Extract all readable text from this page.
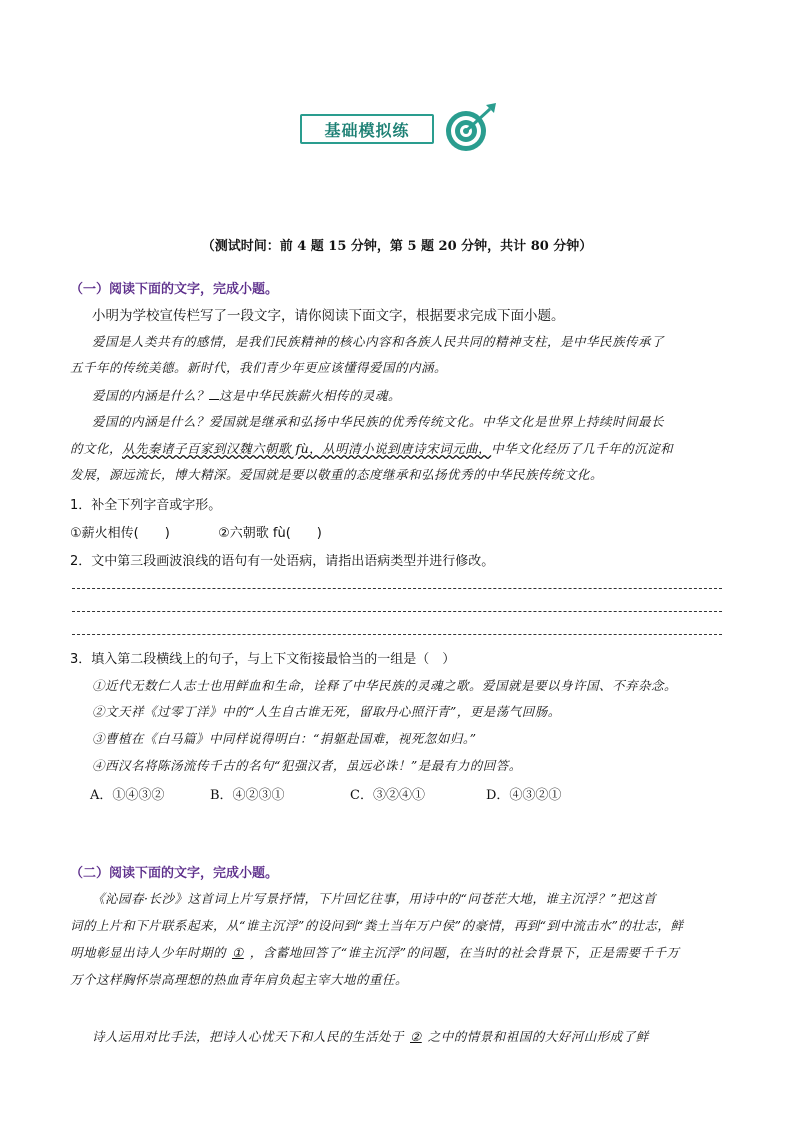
基础模拟练
（测试时间：前 4 题 15 分钟，第 5 题 20 分钟，共计 80 分钟）
（一）阅读下面的文字，完成小题。
小明为学校宣传栏写了一段文字，请你阅读下面文字，根据要求完成下面小题。
爱国是人类共有的感情，是我们民族精神的核心内容和各族人民共同的精神支柱，是中华民族传承了
五千年的传统美德。新时代，我们青少年更应该懂得爱国的内涵。
爱国的内涵是什么？ 这是中华民族薪火相传的灵魂。
爱国的内涵是什么？爱国就是继承和弘扬中华民族的优秀传统文化。中华文化是世界上持续时间最长
的文化，从先秦诸子百家到汉魏六朝歌 fù，从明清小说到唐诗宋词元曲，中华文化经历了几千年的沉淀和
发展，源远流长，博大精深。爱国就是要以敬重的态度继承和弘扬优秀的中华民族传统文化。
1．补全下列字音或字形。
①薪火相传(　　)	②六朝歌 fù(　　)
2．文中第三段画波浪线的语句有一处语病，请指出语病类型并进行修改。
3．填入第二段横线上的句子，与上下文衔接最恰当的一组是（　）
①近代无数仁人志士也用鲜血和生命，诠释了中华民族的灵魂之歌。爱国就是要以身许国、不弃杂念。
②文天祥《过零丁洋》中的“人生自古谁无死，留取丹心照汗青”，更是荡气回肠。
③曹植在《白马篇》中同样说得明白：“捐躯赴国难，视死忽如归。”
④西汉名将陈汤流传千古的名句“犯强汉者，虽远必诛！”是最有力的回答。
A．①④③②	B．④②③①	C．③②④①	D．④③②①
（二）阅读下面的文字，完成小题。
《沁园春·长沙》这首词上片写景抒情，下片回忆往事，用诗中的“问苍茫大地，谁主沉浮？”把这首
词的上片和下片联系起来，从“谁主沉浮”的设问到“粪土当年万户侯”的豪情，再到“到中流击水”的壮志，鲜
明地彰显出诗人少年时期的 ① ，含蓄地回答了“谁主沉浮”的问题，在当时的社会背景下，正是需要千千万
万个这样胸怀崇高理想的热血青年肩负起主宰大地的重任。
诗人运用对比手法，把诗人心忧天下和人民的生活处于 ② 之中的情景和祖国的大好河山形成了鲜
